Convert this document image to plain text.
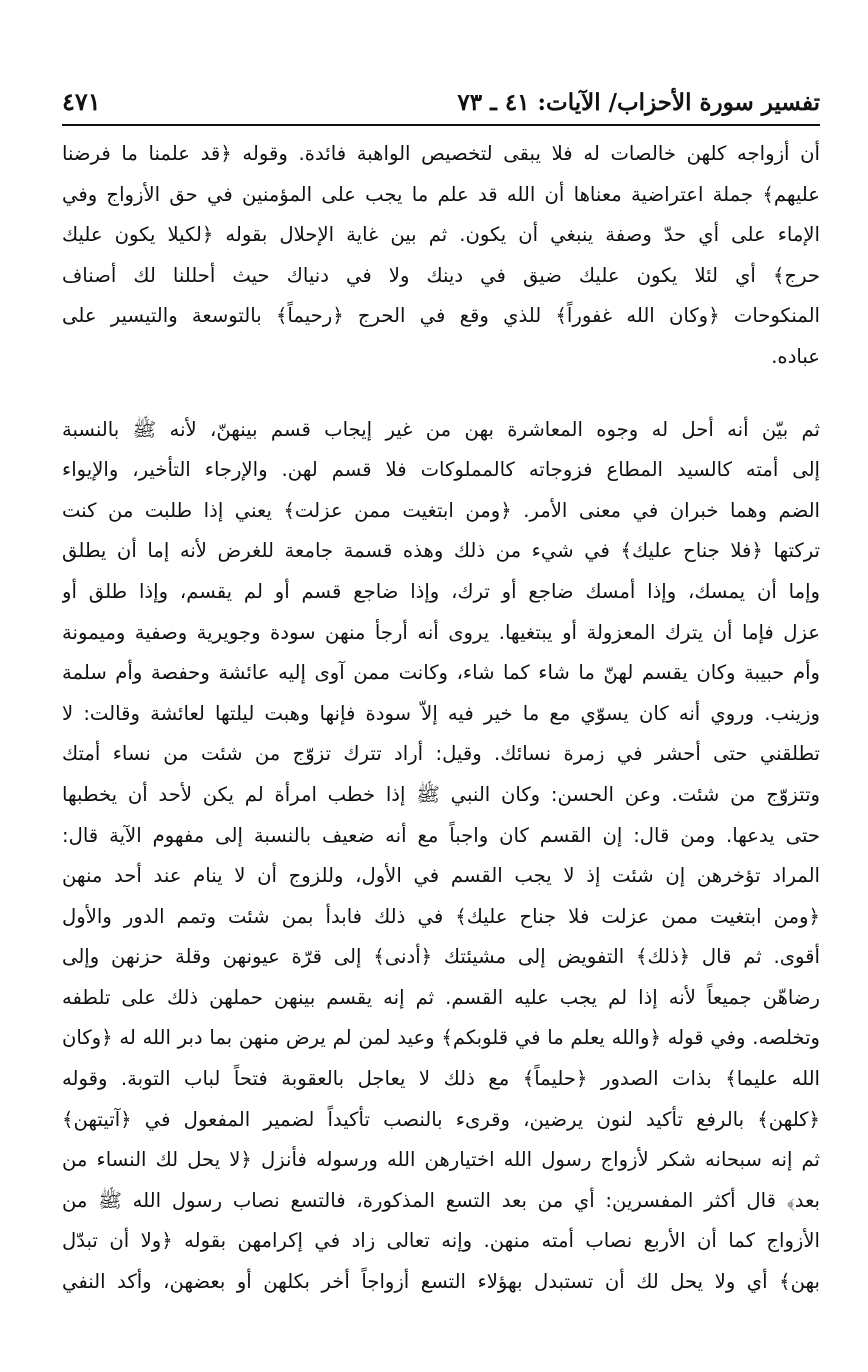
تفسير سورة الأحزاب/ الآيات: ٤١ ـ ٧٣
٤٧١

أن أزواجه كلهن خالصات له فلا يبقى لتخصيص الواهبة فائدة. وقوله ﴿قد علمنا ما فرضنا
عليهم﴾ جملة اعتراضية معناها أن الله قد علم ما يجب على المؤمنين في حق الأزواج وفي
الإماء على أي حدّ وصفة ينبغي أن يكون. ثم بين غاية الإحلال بقوله ﴿لكيلا يكون عليك
حرج﴾ أي لئلا يكون عليك ضيق في دينك ولا في دنياك حيث أحللنا لك أصناف
المنكوحات ﴿وكان الله غفوراً﴾ للذي وقع في الحرج ﴿رحيماً﴾ بالتوسعة والتيسير على
عباده.

ثم بيّن أنه أحل له وجوه المعاشرة بهن من غير إيجاب قسم بينهنّ، لأنه ﷺ بالنسبة
إلى أمته كالسيد المطاع فزوجاته كالمملوكات فلا قسم لهن. والإرجاء التأخير، والإيواء
الضم وهما خبران في معنى الأمر. ﴿ومن ابتغيت ممن عزلت﴾ يعني إذا طلبت من كنت
تركتها ﴿فلا جناح عليك﴾ في شيء من ذلك وهذه قسمة جامعة للغرض لأنه إما أن يطلق
وإما أن يمسك، وإذا أمسك ضاجع أو ترك، وإذا ضاجع قسم أو لم يقسم، وإذا طلق أو
عزل فإما أن يترك المعزولة أو يبتغيها. يروى أنه أرجأ منهن سودة وجويرية وصفية وميمونة
وأم حبيبة وكان يقسم لهنّ ما شاء كما شاء، وكانت ممن آوى إليه عائشة وحفصة وأم سلمة
وزينب. وروي أنه كان يسوّي مع ما خير فيه إلاّ سودة فإنها وهبت ليلتها لعائشة وقالت: لا
تطلقني حتى أحشر في زمرة نسائك. وقيل: أراد تترك تزوّج من شئت من نساء أمتك
وتتزوّج من شئت. وعن الحسن: وكان النبي ﷺ إذا خطب امرأة لم يكن لأحد أن يخطبها
حتى يدعها. ومن قال: إن القسم كان واجباً مع أنه ضعيف بالنسبة إلى مفهوم الآية قال:
المراد تؤخرهن إن شئت إذ لا يجب القسم في الأول، وللزوج أن لا ينام عند أحد منهن
﴿ومن ابتغيت ممن عزلت فلا جناح عليك﴾ في ذلك فابدأ بمن شئت وتمم الدور والأول
أقوى. ثم قال ﴿ذلك﴾ التفويض إلى مشيئتك ﴿أدنى﴾ إلى قرّة عيونهن وقلة حزنهن وإلى
رضاهّن جميعاً لأنه إذا لم يجب عليه القسم. ثم إنه يقسم بينهن حملهن ذلك على تلطفه
وتخلصه. وفي قوله ﴿والله يعلم ما في قلوبكم﴾ وعيد لمن لم يرض منهن بما دبر الله له ﴿وكان
الله عليما﴾ بذات الصدور ﴿حليماً﴾ مع ذلك لا يعاجل بالعقوبة فتحاً لباب التوبة. وقوله
﴿كلهن﴾ بالرفع تأكيد لنون يرضين، وقرىء بالنصب تأكيداً لضمير المفعول في ﴿آتيتهن﴾
ثم إنه سبحانه شكر لأزواج رسول الله اختيارهن الله ورسوله فأنزل ﴿لا يحل لك النساء من
بعد﴾ قال أكثر المفسرين: أي من بعد التسع المذكورة، فالتسع نصاب رسول الله ﷺ من
الأزواج كما أن الأربع نصاب أمته منهن. وإنه تعالى زاد في إكرامهن بقوله ﴿ولا أن تبدّل
بهن﴾ أي ولا يحل لك أن تستبدل بهؤلاء التسع أزواجاً أخر بكلهن أو بعضهن، وأكد النفي
